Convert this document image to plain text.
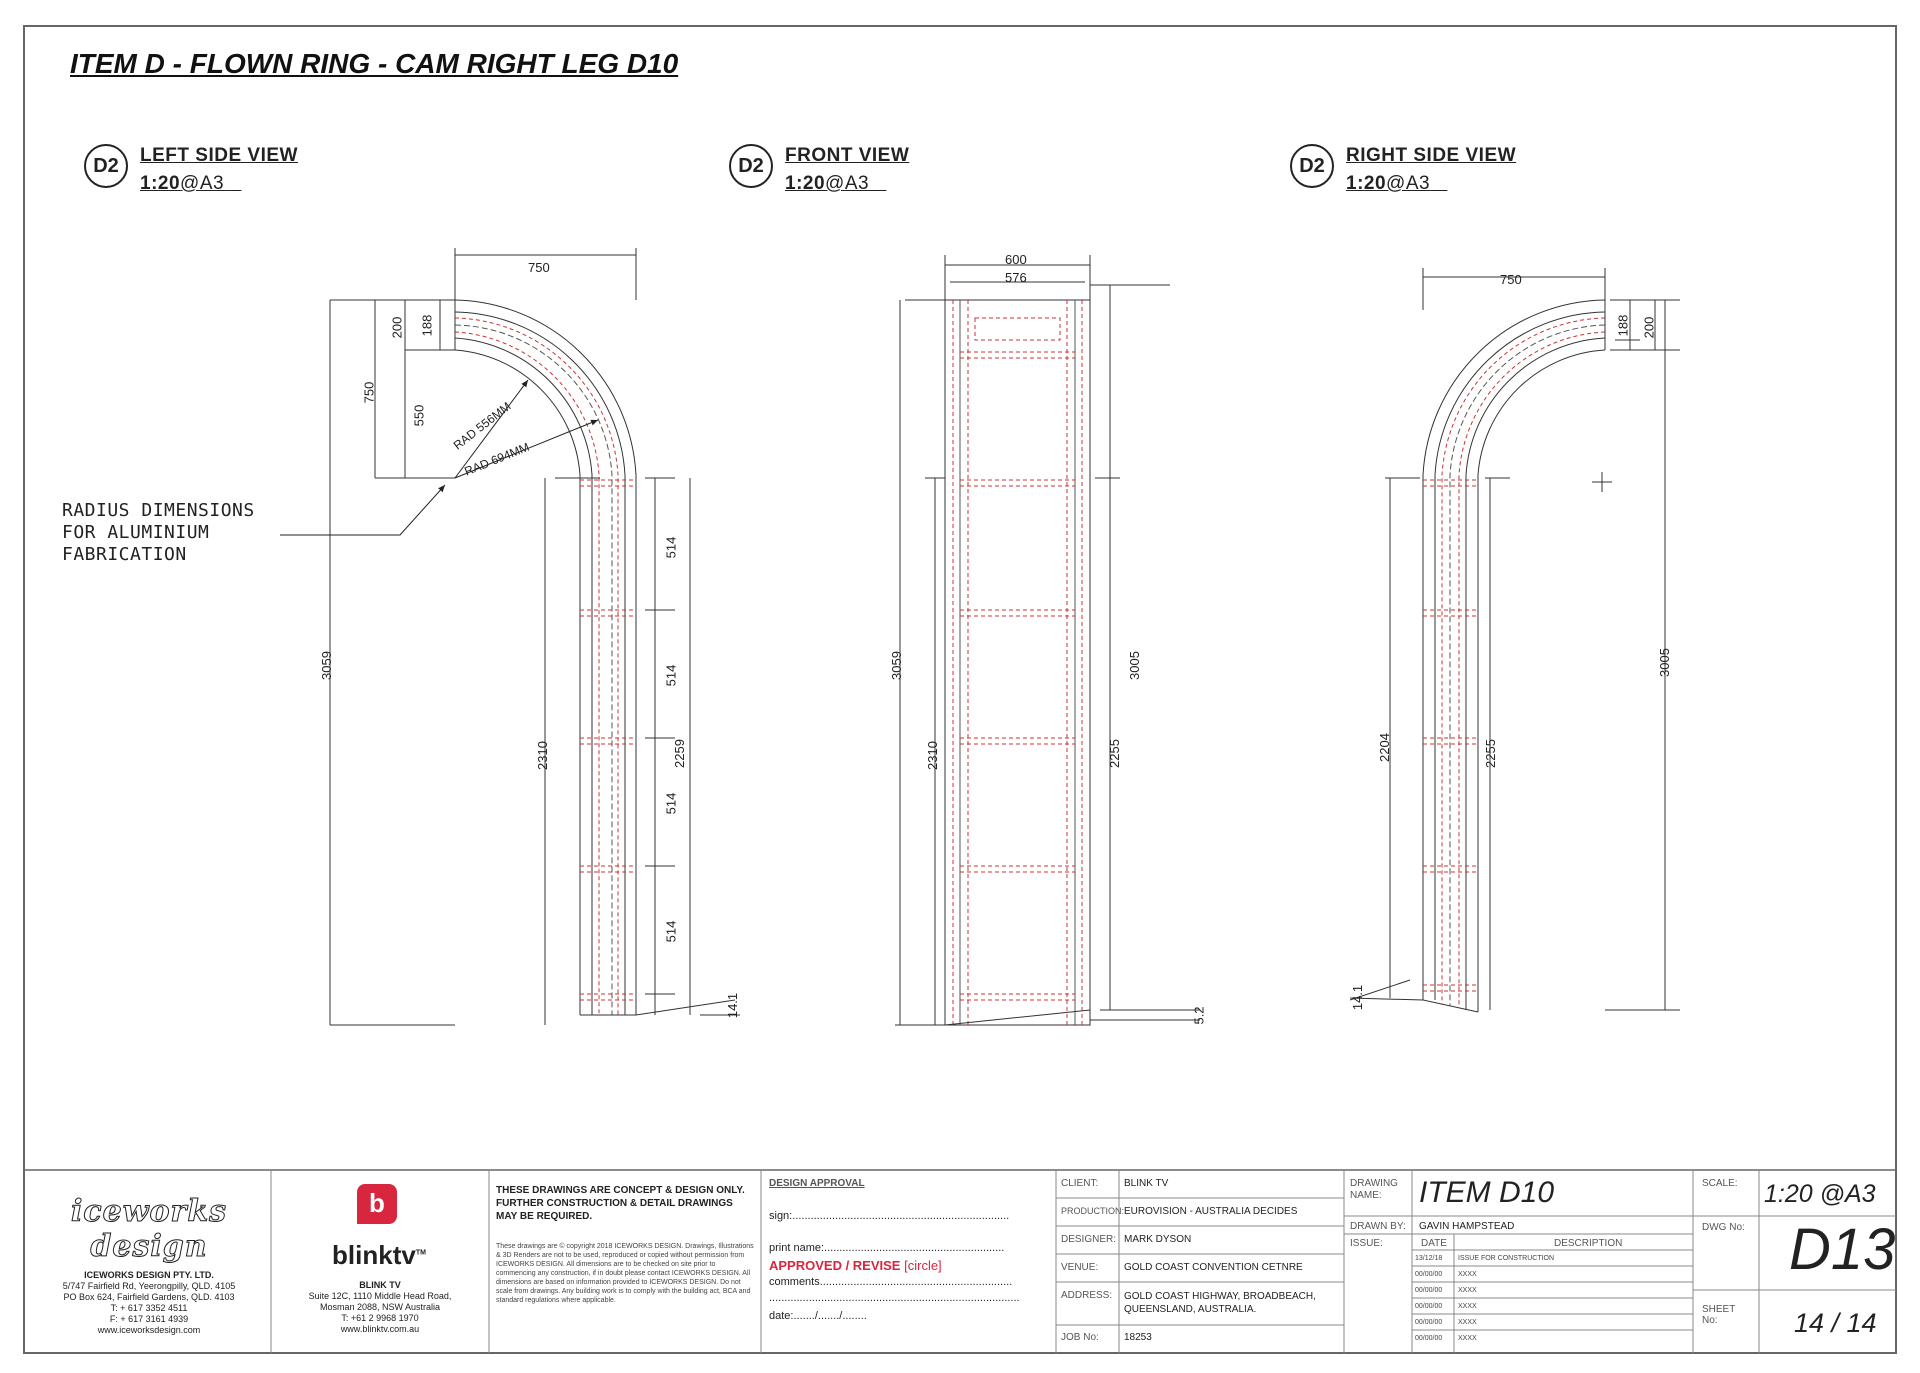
ITEM D - FLOWN RING - CAM RIGHT LEG D10
D2	LEFT SIDE VIEW
1:20@A3
D2	FRONT VIEW
1:20@A3
D2	RIGHT SIDE VIEW
1:20@A3
RADIUS DIMENSIONS
FOR ALUMINIUM
FABRICATION
750
200 188
750
550 RAD 556MM
RAD 694MM
3059
2310
514
514
514
514
2259
14.1
600
576
3059
2310
3005
2255
5.2
750
188 200
3005
2204	2255
14.1
iceworks design
ICEWORKS DESIGN PTY. LTD.
5/747 Fairfield Rd, Yeerongpilly, QLD. 4105
PO Box 624, Fairfield Gardens, QLD. 4103
T: + 617 3352 4511
F: + 617 3161 4939
www.iceworksdesign.com
b
blinktv™
BLINK TV
Suite 12C, 1110 Middle Head Road,
Mosman 2088, NSW Australia
T: +61 2 9968 1970
www.blinktv.com.au
THESE DRAWINGS ARE CONCEPT & DESIGN ONLY. FURTHER CONSTRUCTION & DETAIL DRAWINGS MAY BE REQUIRED.
These drawings are © copyright 2018 ICEWORKS DESIGN. Drawings, Illustrations & 3D Renders are not to be used, reproduced or copied without permission from ICEWORKS DESIGN. All dimensions are to be checked on site prior to commencing any construction, if in doubt please contact ICEWORKS DESIGN. All dimensions are based on information provided to ICEWORKS DESIGN. Do not scale from drawings. Any building work is to comply with the building act, BCA and standard regulations where applicable.
DESIGN APPROVAL
sign:.......................................................................
print name:...........................................................
APPROVED / REVISE [circle]
comments...............................................................
..................................................................................
date:......./......./........
CLIENT:	BLINK TV
PRODUCTION: EUROVISION - AUSTRALIA DECIDES
DESIGNER: MARK DYSON
VENUE:	GOLD COAST CONVENTION CETNRE
ADDRESS: GOLD COAST HIGHWAY, BROADBEACH, QUEENSLAND, AUSTRALIA.
JOB No:	18253
DRAWING NAME:	ITEM D10
DRAWN BY: GAVIN HAMPSTEAD
ISSUE:	DATE	DESCRIPTION
13/12/18 ISSUE FOR CONSTRUCTION
00/00/00 XXXX
00/00/00 XXXX
00/00/00 XXXX
00/00/00 XXXX
00/00/00 XXXX
SCALE: 1:20 @A3
DWG No: D13
SHEET No:	14 / 14
